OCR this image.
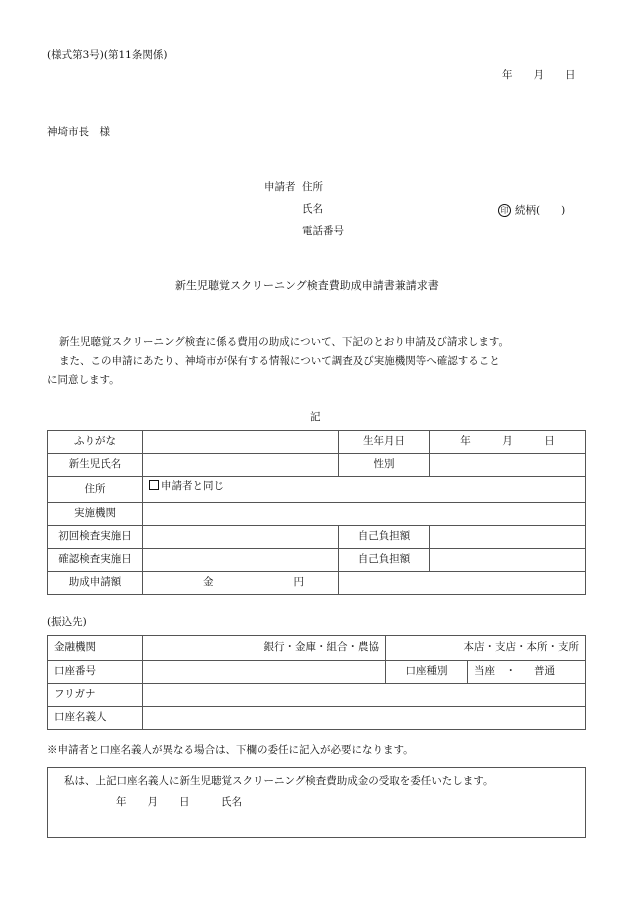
(様式第3号)(第11条関係)
年　　月　　日
神埼市長　様
申請者 住所
氏名	印 続柄(　　)
電話番号
新生児聴覚スクリーニング検査費助成申請書兼請求書
新生児聴覚スクリーニング検査に係る費用の助成について、下記のとおり申請及び請求します。
また、この申請にあたり、神埼市が保有する情報について調査及び実施機関等へ確認すること
に同意します。
記
ふりがな		生年月日	年　　　月　　　日
新生児氏名		性別	
住所	申請者と同じ		
実施機関			
初回検査実施日		自己負担額	
確認検査実施日		自己負担額	
助成申請額	金 円		
(振込先)
金融機関	銀行・金庫・組合・農協	本店・支店・本所・支所	
口座番号		口座種別	当座　・ 普通
フリガナ			
口座名義人			
※申請者と口座名義人が異なる場合は、下欄の委任に記入が必要になります。
私は、上記口座名義人に新生児聴覚スクリーニング検査費助成金の受取を委任いたします。
年　　月　　日　　　氏名
